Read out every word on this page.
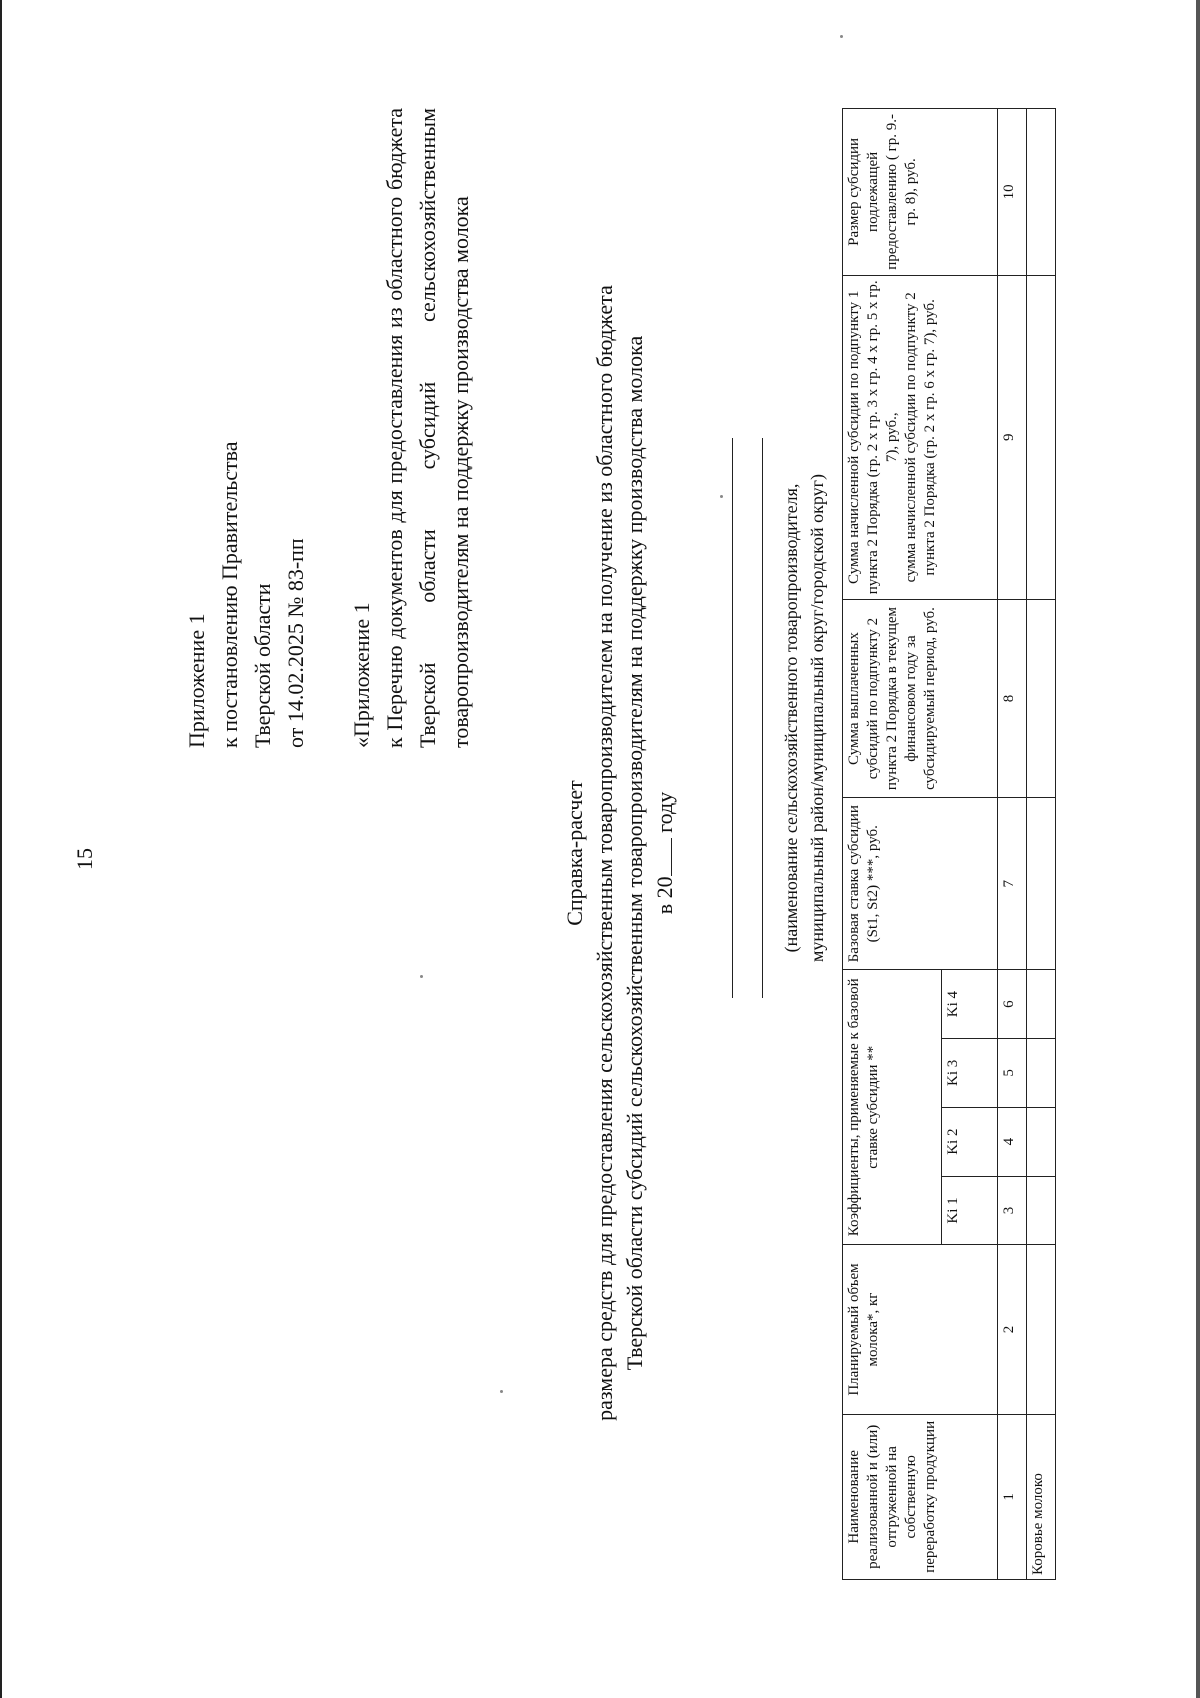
15
Приложение 1 к постановлению Правительства Тверской области от 14.02.2025 № 83-пп «Приложение 1 к Перечню документов для предоставления из областного бюджета Тверской области субсидий сельскохозяйственным товаропроизводителям на поддержку производства молока
Справка-расчет размера средств для предоставления сельскохозяйственным товаропроизводителем на получение из областного бюджета Тверской области субсидий сельскохозяйственным товаропроизводителям на поддержку производства молока в 20 году	(наименование сельскохозяйственного товаропроизводителя, муниципальный район/муниципальный округ/городской округ)
Наименование реализованной и (или) отгруженной на собственную переработку продукции	Планируемый объем молока*, кг	Коэффициенты, применяемые к базовой ставке субсидии **				Базовая ставка субсидии (St1, St2) ***, руб.	Сумма выплаченных субсидий по подпункту 2 пункта 2 Порядка в текущем финансовом году за субсидируемый период, руб.	Сумма начисленной субсидии по подпункту 1 пункта 2 Порядка (гр. 2 x гр. 3 x гр. 4 x гр. 5 x гр. 7), руб., сумма начисленной субсидии по подпункту 2 пункта 2 Порядка (гр. 2 x гр. 6 x гр. 7), руб.	Размер субсидии подлежащей предоставлению ( гр. 9.- гр. 8), руб.
		Ki 1	Ki 2	Ki 3	Ki 4				
1	2	3	4	5	6	7	8	9	10
Коровье молоко									
